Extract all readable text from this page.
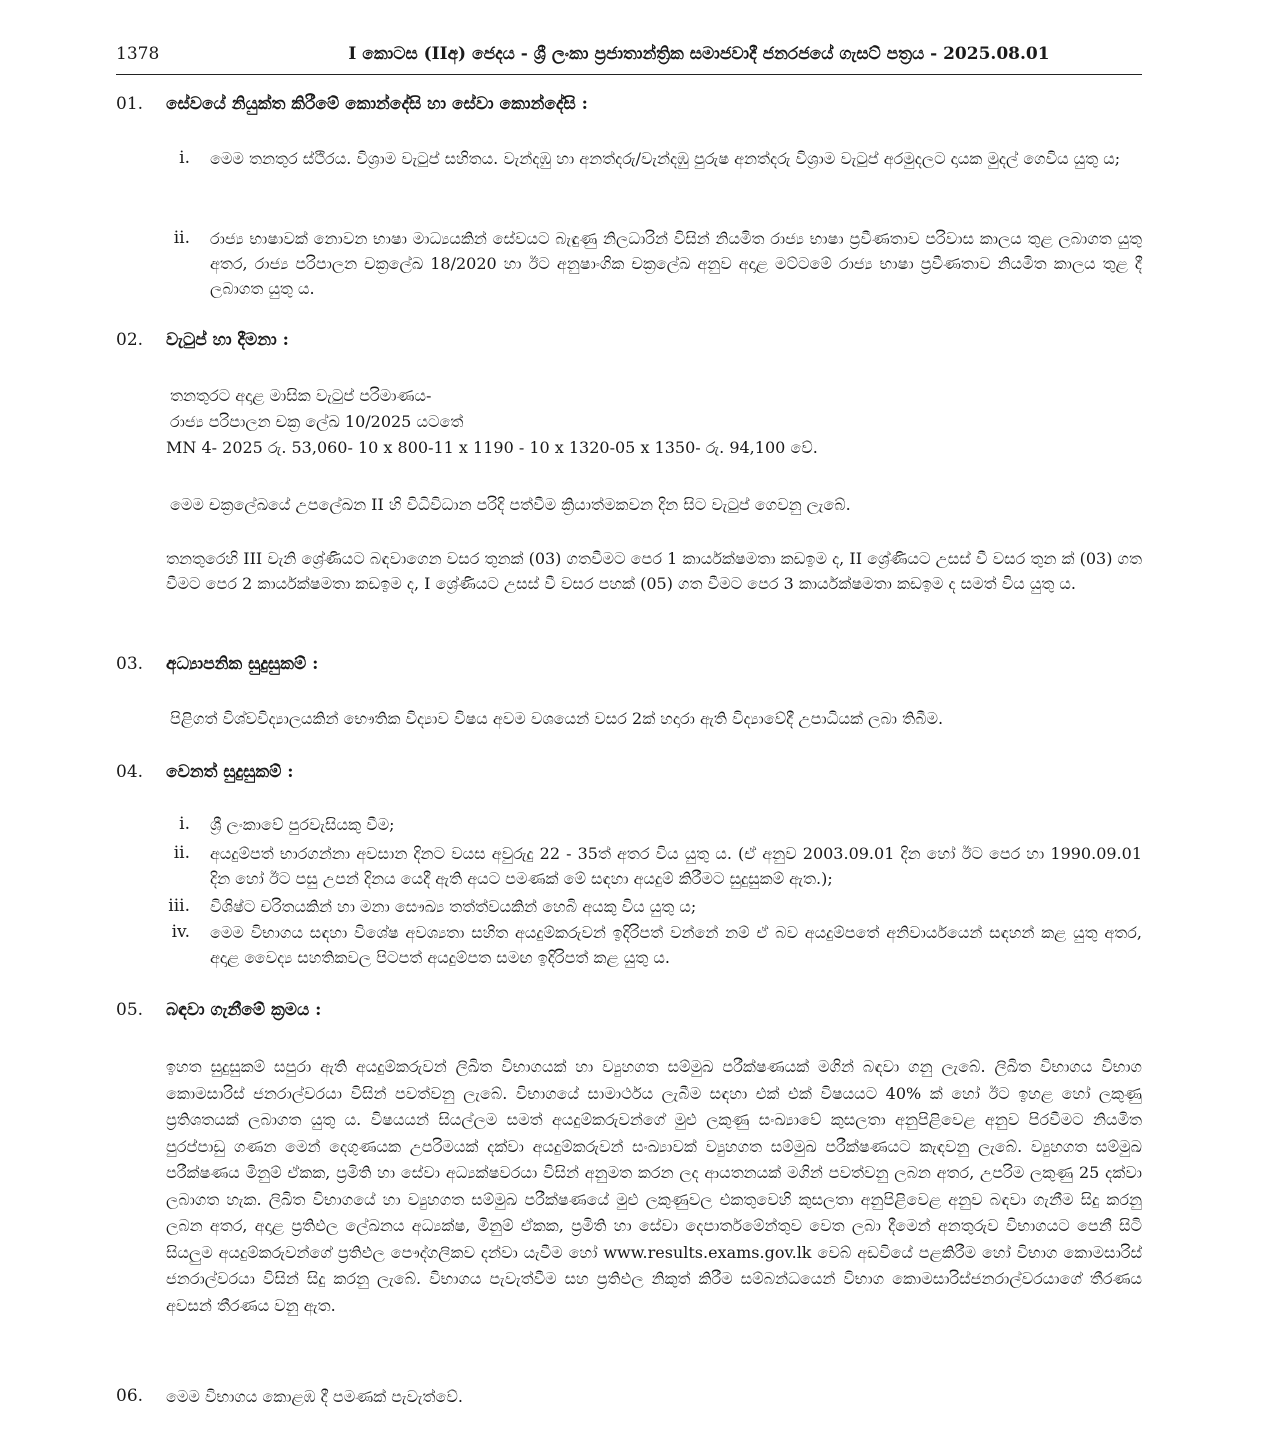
1378	I කොටස (IIඅ) ජෙදය - ශ්‍රී ලංකා ප්‍රජාතාන්ත්‍රික සමාජවාදී ජනරජයේ ගැසට් පත්‍රය - 2025.08.01
01. සේවයේ නියුක්ත කිරීමේ කොන්දේසි හා සේවා කොන්දේසි :
i. මෙම තනතුර ස්ථිරය. විශ්‍රාම වැටුප් සහිතය. වැන්දඹු හා අනත්දරු/වැන්දඹු පුරුෂ අනත්දරු විශ්‍රාම වැටුප් අරමුදලට දායක මුදල් ගෙවිය යුතු ය;
ii. රාජ්‍ය භාෂාවක් නොවන භාෂා මාධ්‍යයකින් සේවයට බැඳුණු නිලධාරින් විසින් නියමිත රාජ්‍ය භාෂා ප්‍රවීණතාව පරිවාස කාලය තුළ ලබාගත යුතු අතර, රාජ්‍ය පරිපාලන චක්‍රලේඛ 18/2020 හා ඊට අනුෂාංගික චක්‍රලේඛ අනුව අදාළ මට්ටමේ රාජ්‍ය භාෂා ප්‍රවීණතාව නියමිත කාලය තුළ දී ලබාගත යුතු ය.
02. වැටුප් හා දීමනා :
තනතුරට අදාළ මාසික වැටුප් පරිමාණය-
රාජ්‍ය පරිපාලන චක්‍ර ලේඛ 10/2025 යටතේ
MN 4- 2025 රු. 53,060- 10 x 800-11 x 1190 - 10 x 1320-05 x 1350- රු. 94,100 වේ.
මෙම චක්‍රලේඛයේ උපලේඛන II හි විධිවිධාන පරිදි පත්වීම ක්‍රියාත්මකවන දින සිට වැටුප් ගෙවනු ලැබේ.
තනතුරෙහි III වැනි ශ්‍රේණියට බඳවාගෙන වසර තුනක් (03) ගතවීමට පෙර 1 කාර්යක්ෂමතා කඩඉම ද, II ශ්‍රේණියට උසස් වී වසර තුන ක් (03) ගත වීමට පෙර 2 කාර්යක්ෂමතා කඩඉම ද, I ශ්‍රේණියට උසස් වී වසර පහක් (05) ගත වීමට පෙර 3 කාර්යක්ෂමතා කඩඉම ද සමත් විය යුතු ය.
03. අධ්‍යාපනික සුදුසුකම් :
පිළිගත් විශ්වවිද්‍යාලයකින් භෞතික විද්‍යාව විෂය අවම වශයෙන් වසර 2ක් හදාරා ඇති විද්‍යාවේදී උපාධියක් ලබා තිබීම.
04. වෙනත් සුදුසුකම් :
i. ශ්‍රී ලංකාවේ පුරවැසියකු වීම;
ii. අයදුම්පත් භාරගන්නා අවසාන දිනට වයස අවුරුදු 22 - 35ත් අතර විය යුතු ය. (ඒ අනුව 2003.09.01 දින හෝ ඊට පෙර හා 1990.09.01 දින හෝ ඊට පසු උපන් දිනය යෙදී ඇති අයට පමණක් මේ සඳහා අයදුම් කිරීමට සුදුසුකම් ඇත.);
iii. විශිෂ්ට චරිතයකින් හා මනා සෞඛ්‍ය තත්ත්වයකින් හෙබි අයකු විය යුතු ය;
iv. මෙම විභාගය සඳහා විශේෂ අවශ්‍යතා සහිත අයදුම්කරුවන් ඉදිරිපත් වන්නේ නම් ඒ බව අයදුම්පතේ අනිවාර්යයෙන් සඳහන් කළ යුතු අතර, අදාළ වෛද්‍ය සහතිකවල පිටපත් අයදුම්පත සමඟ ඉදිරිපත් කළ යුතු ය.
05. බඳවා ගැනීමේ ක්‍රමය :
ඉහත සුදුසුකම් සපුරා ඇති අයදුම්කරුවන් ලිඛිත විභාගයක් හා ව්‍යුහගත සම්මුඛ පරීක්ෂණයක් මගින් බඳවා ගනු ලැබේ. ලිඛිත විභාගය විභාග කොමසාරිස් ජනරාල්වරයා විසින් පවත්වනු ලැබේ. විභාගයේ සාමාර්ථය ලැබීම සඳහා එක් එක් විෂයයට 40% ක් හෝ ඊට ඉහළ හෝ ලකුණු ප්‍රතිශතයක් ලබාගත යුතු ය. විෂයයන් සියල්ලම සමත් අයදුම්කරුවන්ගේ මුළු ලකුණු සංඛ්‍යාවේ කුසලතා අනුපිළිවෙළ අනුව පිරවීමට නියමිත පුරප්පාඩු ගණන මෙන් දෙගුණයක උපරිමයක් දක්වා අයදුම්කරුවන් සංඛ්‍යාවක් ව්‍යුහගත සම්මුඛ පරීක්ෂණයට කැඳවනු ලැබේ. ව්‍යුහගත සම්මුඛ පරීක්ෂණය මිනුම් ඒකක, ප්‍රමිති හා සේවා අධ්‍යක්ෂවරයා විසින් අනුමත කරන ලද ආයතනයක් මගින් පවත්වනු ලබන අතර, උපරිම ලකුණු 25 දක්වා ලබාගත හැක. ලිඛිත විභාගයේ හා ව්‍යුහගත සම්මුඛ පරීක්ෂණයේ මුළු ලකුණුවල එකතුවෙහි කුසලතා අනුපිළිවෙළ අනුව බඳවා ගැනීම සිදු කරනු ලබන අතර, අදාළ ප්‍රතිඵල ලේඛනය අධ්‍යක්ෂ, මිනුම් ඒකක, ප්‍රමිති හා සේවා දෙපාර්තමේන්තුව වෙත ලබා දීමෙන් අනතුරුව විභාගයට පෙනී සිටි සියලුම අයදුම්කරුවන්ගේ ප්‍රතිඵල පෞද්ගලිකව දන්වා යැවීම හෝ www.results.exams.gov.lk වෙබ් අඩවියේ පළකිරීම හෝ විභාග කොමසාරිස් ජනරාල්වරයා විසින් සිදු කරනු ලැබේ. විභාගය පැවැත්වීම සහ ප්‍රතිඵල නිකුත් කිරීම සම්බන්ධයෙන් විභාග කොමසාරිස්ජනරාල්වරයාගේ තීරණය අවසන් තීරණය වනු ඇත.
06. මෙම විභාගය කොළඹ දී පමණක් පැවැත්වේ.
